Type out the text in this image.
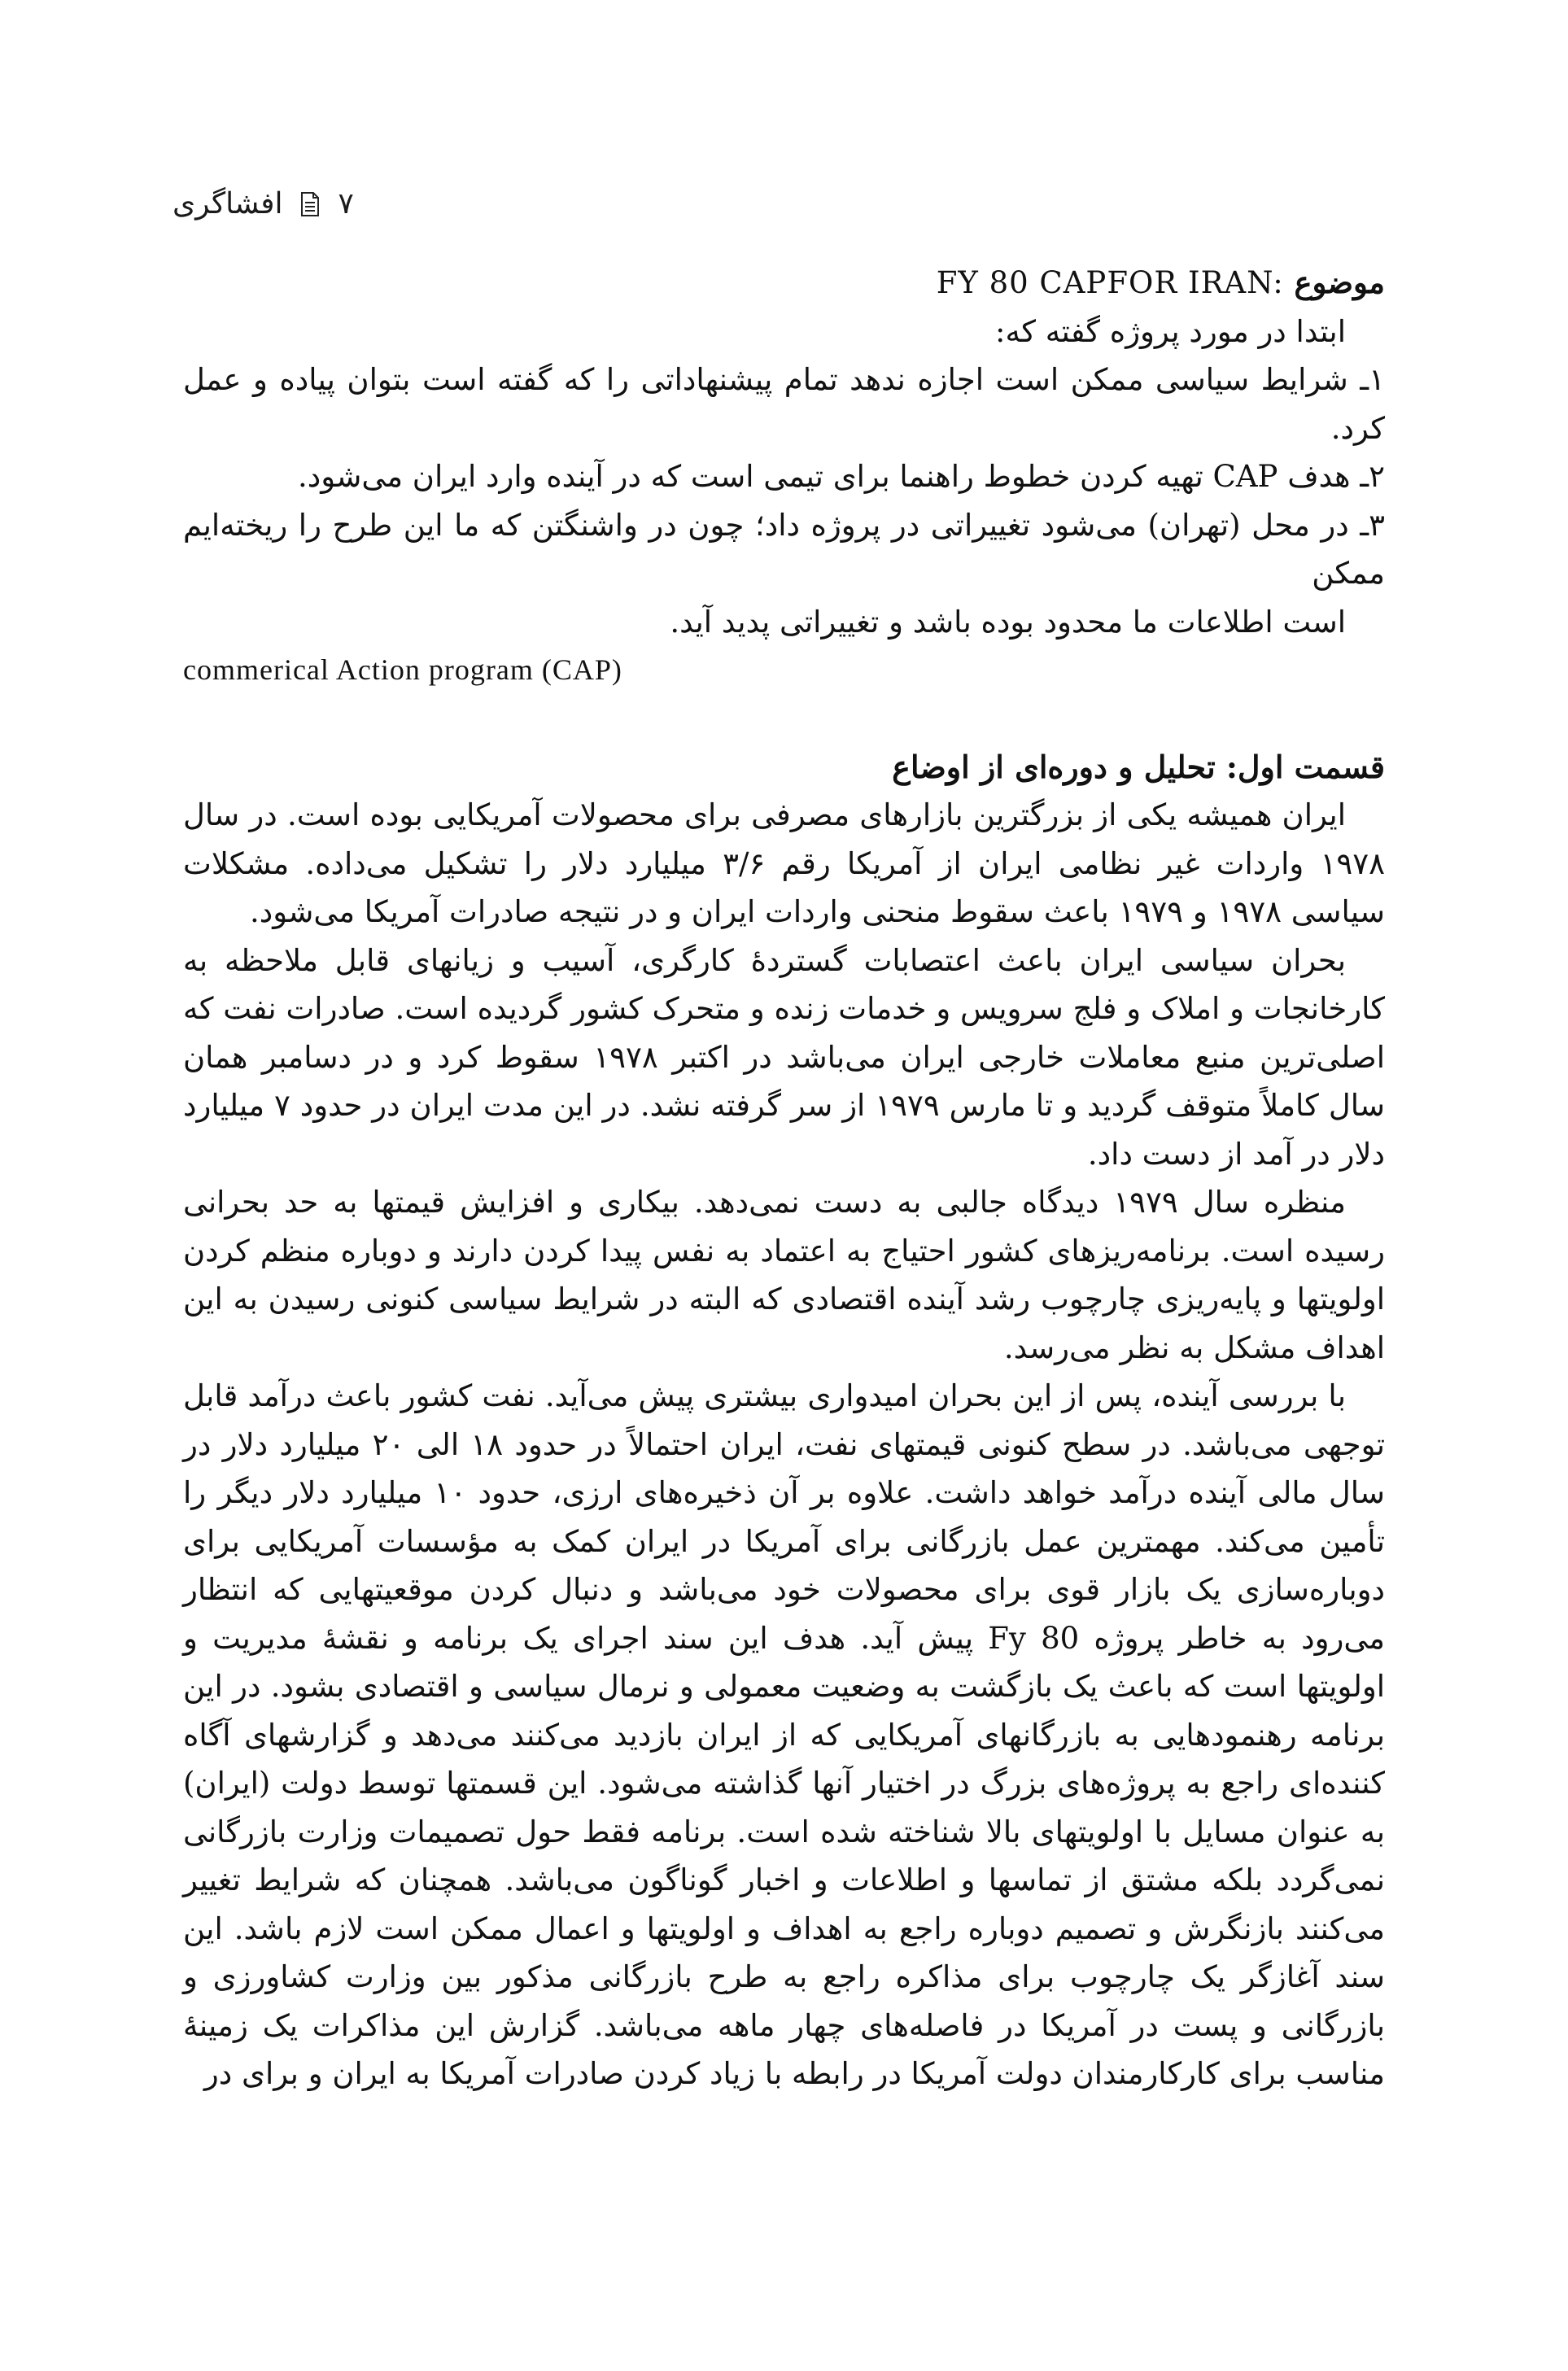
افشاگری ۷

FY 80 CAPFOR IRAN: موضوع

ابتدا در مورد پروژه گفته که:

۱ـ شرایط سیاسی ممکن است اجازه ندهد تمام پیشنهاداتی را که گفته است بتوان پیاده و عمل کرد.

۲ـ هدف CAP تهیه کردن خطوط راهنما برای تیمی است که در آینده وارد ایران می‌شود.

۳ـ در محل (تهران) می‌شود تغییراتی در پروژه داد؛ چون در واشنگتن که ما این طرح را ریخته‌ایم ممکن

است اطلاعات ما محدود بوده باشد و تغییراتی پدید آید.

commerical Action program (CAP)

قسمت اول: تحلیل و دوره‌ای از اوضاع

ایران همیشه یکی از بزرگترین بازارهای مصرفی برای محصولات آمریکایی بوده است. در سال ۱۹۷۸ واردات غیر نظامی ایران از آمریکا رقم ۳/۶ میلیارد دلار را تشکیل می‌داده. مشکلات سیاسی ۱۹۷۸ و ۱۹۷۹ باعث سقوط منحنی واردات ایران و در نتیجه صادرات آمریکا می‌شود.

بحران سیاسی ایران باعث اعتصابات گستردهٔ کارگری، آسیب و زیانهای قابل ملاحظه به کارخانجات و املاک و فلج سرویس و خدمات زنده و متحرک کشور گردیده است. صادرات نفت که اصلی‌ترین منبع معاملات خارجی ایران می‌باشد در اکتبر ۱۹۷۸ سقوط کرد و در دسامبر همان سال کاملاً متوقف گردید و تا مارس ۱۹۷۹ از سر گرفته نشد. در این مدت ایران در حدود ۷ میلیارد دلار در آمد از دست داد.

منظره سال ۱۹۷۹ دیدگاه جالبی به دست نمی‌دهد. بیکاری و افزایش قیمتها به حد بحرانی رسیده است. برنامه‌ریزهای کشور احتیاج به اعتماد به نفس پیدا کردن دارند و دوباره منظم کردن اولویتها و پایه‌ریزی چارچوب رشد آینده اقتصادی که البته در شرایط سیاسی کنونی رسیدن به این اهداف مشکل به نظر می‌رسد.

با بررسی آینده، پس از این بحران امیدواری بیشتری پیش می‌آید. نفت کشور باعث درآمد قابل توجهی می‌باشد. در سطح کنونی قیمتهای نفت، ایران احتمالاً در حدود ۱۸ الی ۲۰ میلیارد دلار در سال مالی آینده درآمد خواهد داشت. علاوه بر آن ذخیره‌های ارزی، حدود ۱۰ میلیارد دلار دیگر را تأمین می‌کند. مهمترین عمل بازرگانی برای آمریکا در ایران کمک به مؤسسات آمریکایی برای دوباره‌سازی یک بازار قوی برای محصولات خود می‌باشد و دنبال کردن موقعیتهایی که انتظار می‌رود به خاطر پروژه Fy 80 پیش آید. هدف این سند اجرای یک برنامه و نقشهٔ مدیریت و اولویتها است که باعث یک بازگشت به وضعیت معمولی و نرمال سیاسی و اقتصادی بشود. در این برنامه رهنمودهایی به بازرگانهای آمریکایی که از ایران بازدید می‌کنند می‌دهد و گزارشهای آگاه کننده‌ای راجع به پروژه‌های بزرگ در اختیار آنها گذاشته می‌شود. این قسمتها توسط دولت (ایران) به عنوان مسایل با اولویتهای بالا شناخته شده است. برنامه فقط حول تصمیمات وزارت بازرگانی نمی‌گردد بلکه مشتق از تماسها و اطلاعات و اخبار گوناگون می‌باشد. همچنان که شرایط تغییر می‌کنند بازنگرش و تصمیم دوباره راجع به اهداف و اولویتها و اعمال ممکن است لازم باشد. این سند آغازگر یک چارچوب برای مذاکره راجع به طرح بازرگانی مذکور بین وزارت کشاورزی و بازرگانی و پست در آمریکا در فاصله‌های چهار ماهه می‌باشد. گزارش این مذاکرات یک زمینهٔ مناسب برای کارکارمندان دولت آمریکا در رابطه با زیاد کردن صادرات آمریکا به ایران و برای در
